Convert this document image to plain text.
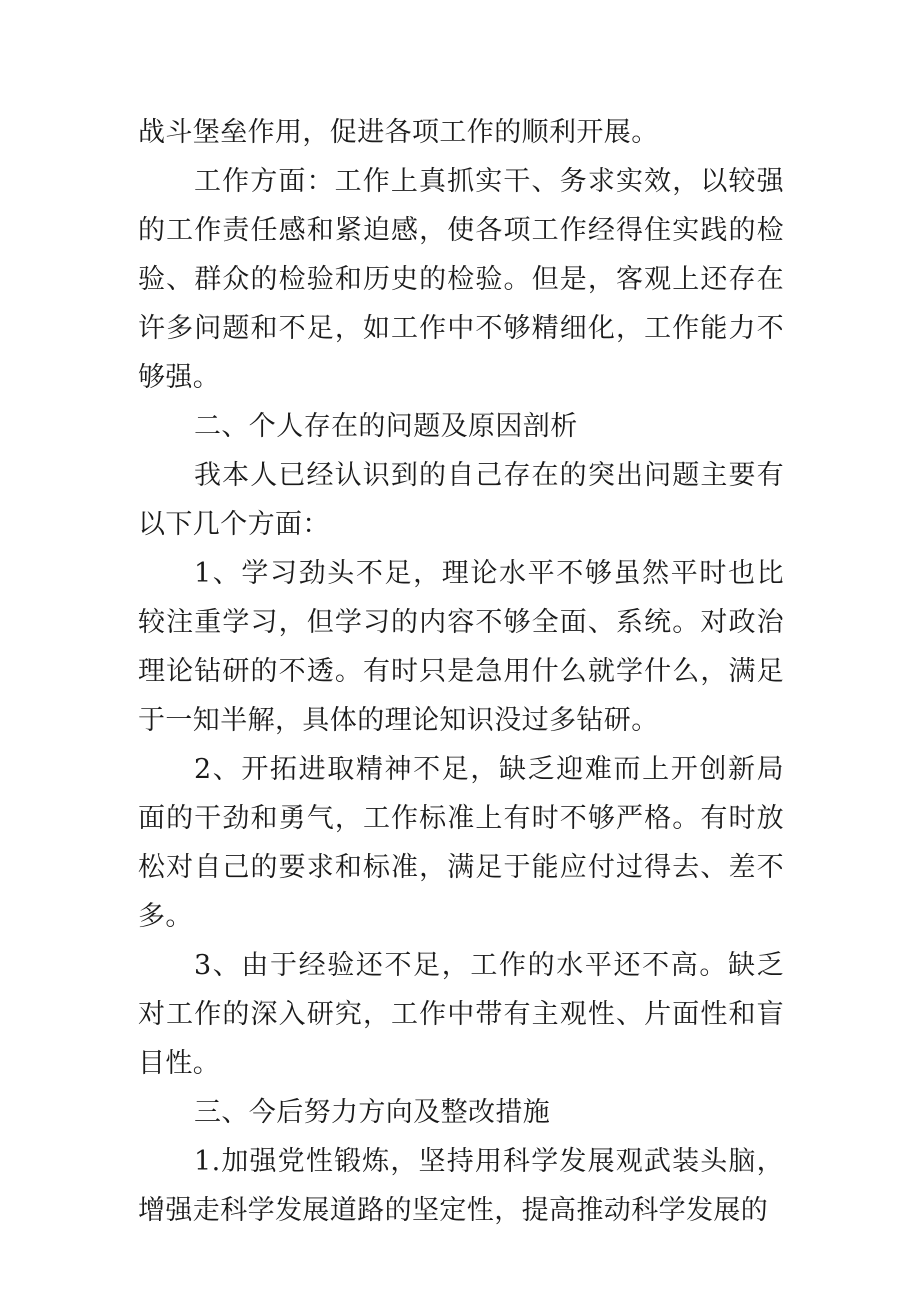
战斗堡垒作用，促进各项工作的顺利开展。

工作方面：工作上真抓实干、务求实效，以较强的工作责任感和紧迫感，使各项工作经得住实践的检验、群众的检验和历史的检验。但是，客观上还存在许多问题和不足，如工作中不够精细化，工作能力不够强。

二、个人存在的问题及原因剖析

我本人已经认识到的自己存在的突出问题主要有以下几个方面：

1、学习劲头不足，理论水平不够虽然平时也比较注重学习，但学习的内容不够全面、系统。对政治理论钻研的不透。有时只是急用什么就学什么，满足于一知半解，具体的理论知识没过多钻研。

2、开拓进取精神不足，缺乏迎难而上开创新局面的干劲和勇气，工作标准上有时不够严格。有时放松对自己的要求和标准，满足于能应付过得去、差不多。

3、由于经验还不足，工作的水平还不高。缺乏对工作的深入研究，工作中带有主观性、片面性和盲目性。

三、今后努力方向及整改措施

1.加强党性锻炼，坚持用科学发展观武装头脑，增强走科学发展道路的坚定性，提高推动科学发展的
